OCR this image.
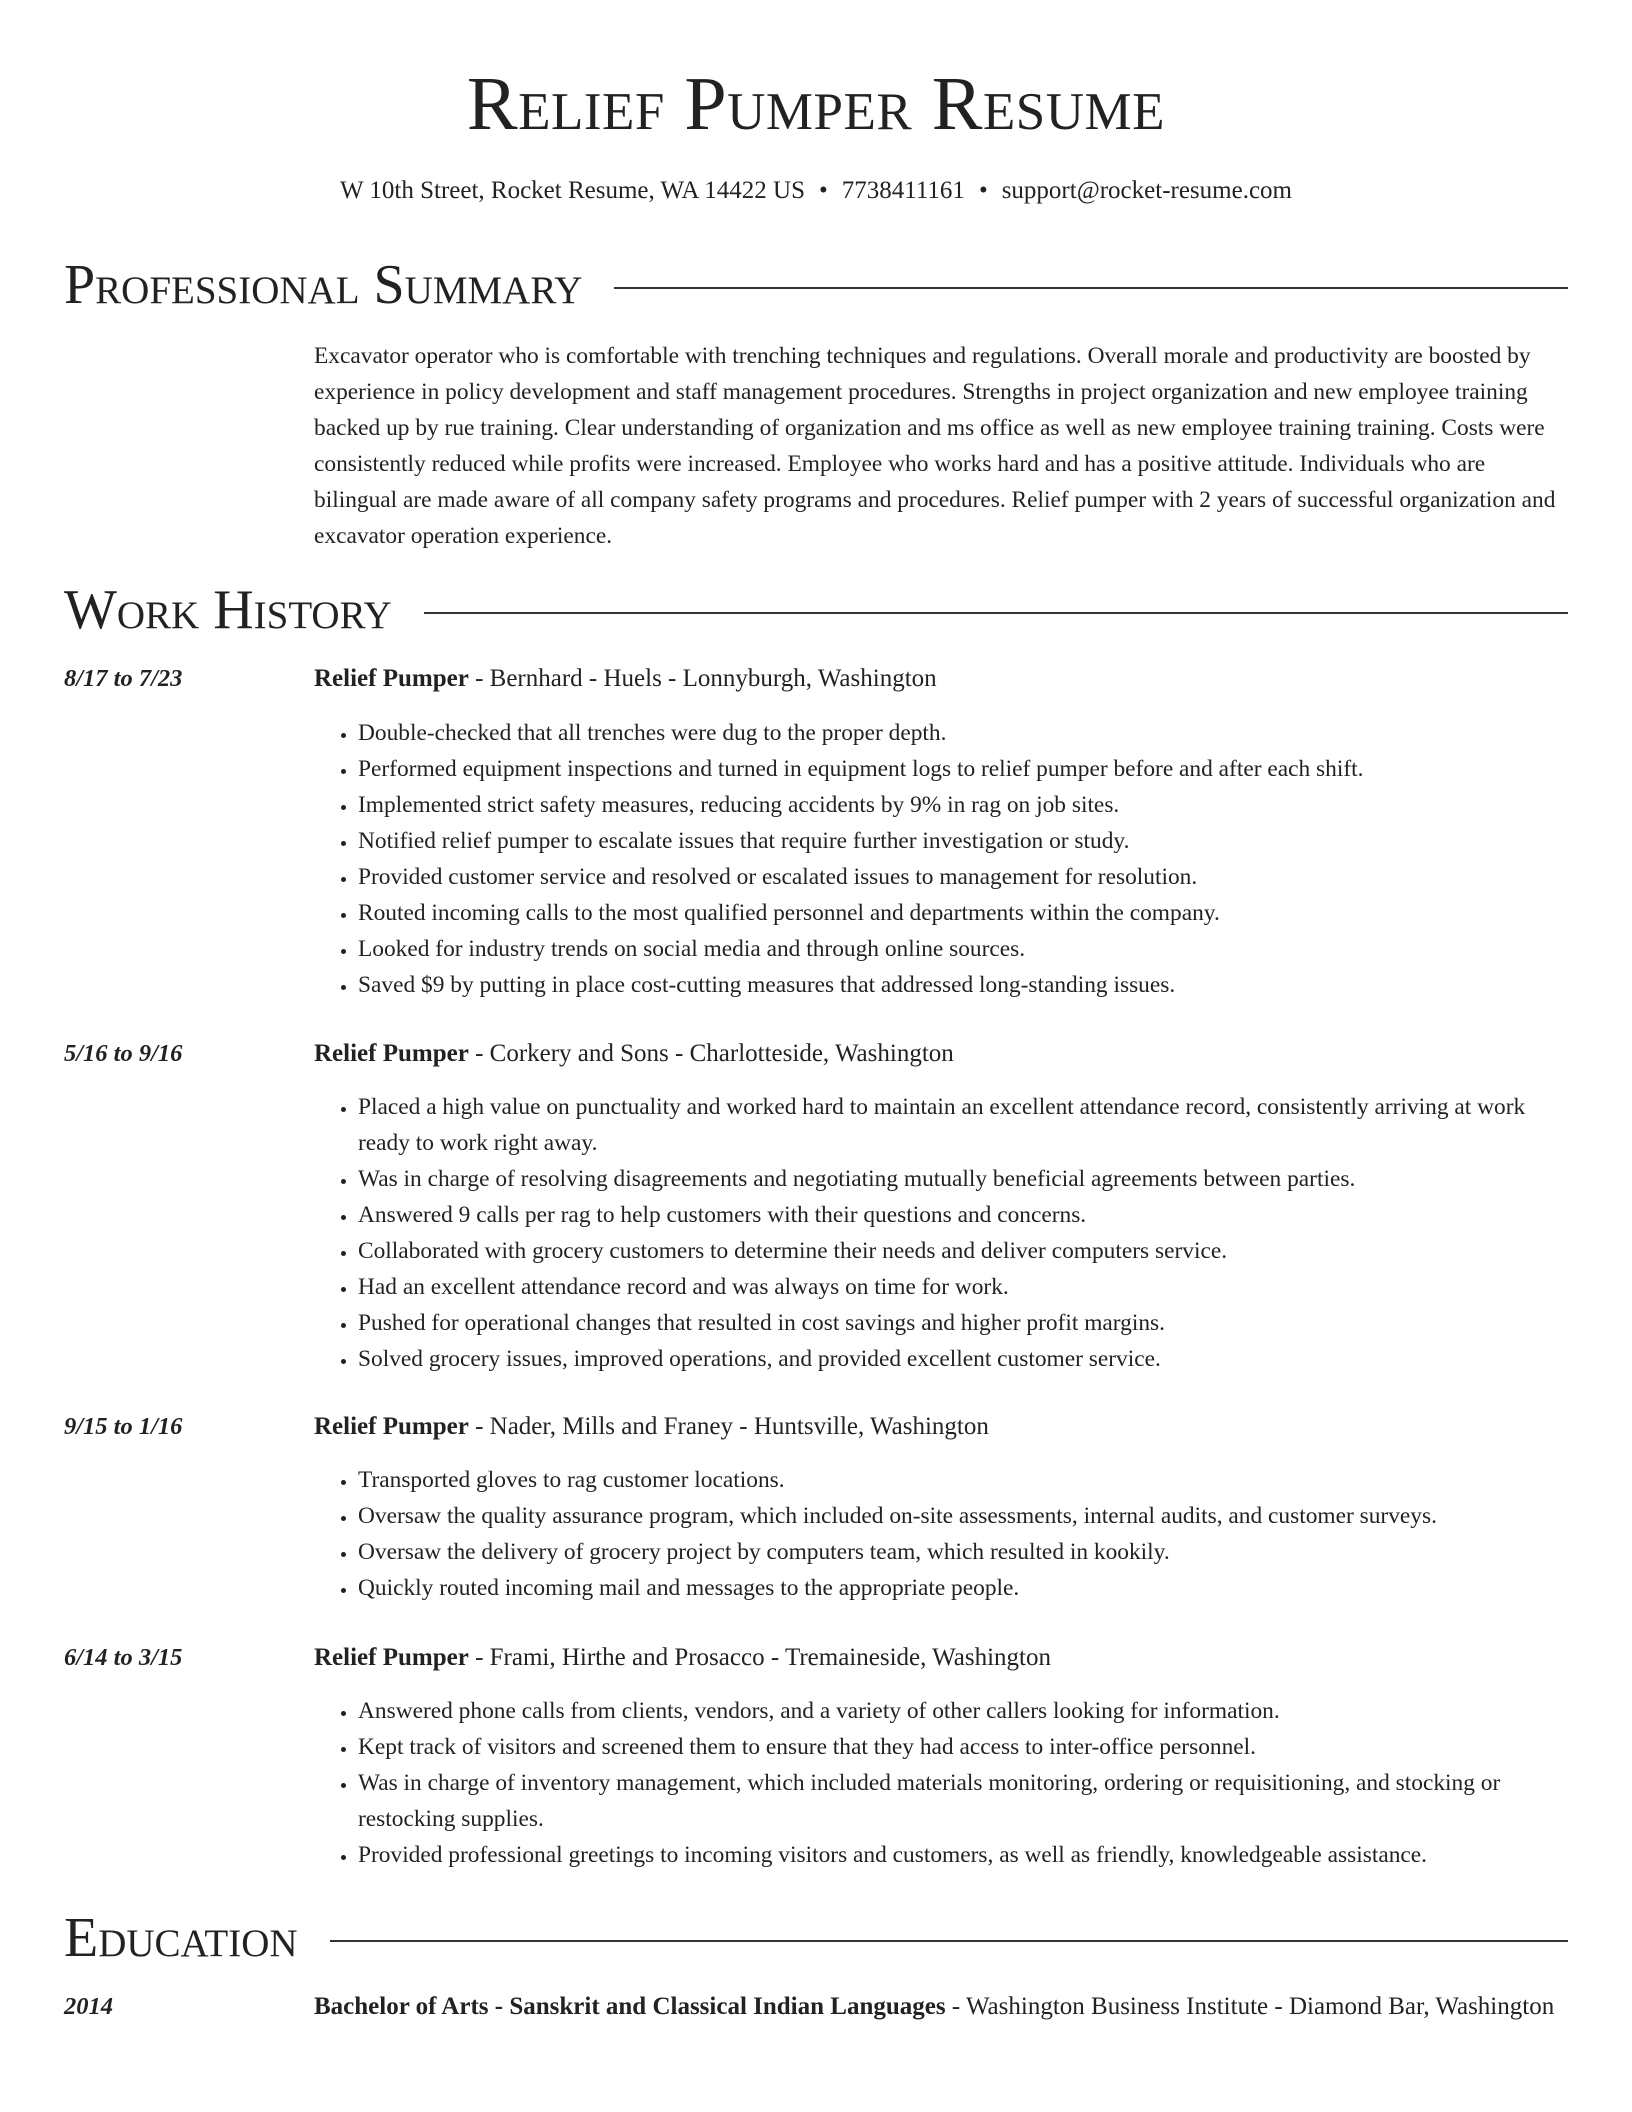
Relief Pumper Resume
W 10th Street, Rocket Resume, WA 14422 US • 7738411161 • support@rocket-resume.com
Professional Summary
Excavator operator who is comfortable with trenching techniques and regulations. Overall morale and productivity are boosted by experience in policy development and staff management procedures. Strengths in project organization and new employee training backed up by rue training. Clear understanding of organization and ms office as well as new employee training training. Costs were consistently reduced while profits were increased. Employee who works hard and has a positive attitude. Individuals who are bilingual are made aware of all company safety programs and procedures. Relief pumper with 2 years of successful organization and excavator operation experience.
Work History
8/17 to 7/23	Relief Pumper - Bernhard - Huels - Lonnyburgh, Washington
• Double-checked that all trenches were dug to the proper depth.
• Performed equipment inspections and turned in equipment logs to relief pumper before and after each shift.
• Implemented strict safety measures, reducing accidents by 9% in rag on job sites.
• Notified relief pumper to escalate issues that require further investigation or study.
• Provided customer service and resolved or escalated issues to management for resolution.
• Routed incoming calls to the most qualified personnel and departments within the company.
• Looked for industry trends on social media and through online sources.
• Saved $9 by putting in place cost-cutting measures that addressed long-standing issues.
5/16 to 9/16	Relief Pumper - Corkery and Sons - Charlotteside, Washington
• Placed a high value on punctuality and worked hard to maintain an excellent attendance record, consistently arriving at work ready to work right away.
• Was in charge of resolving disagreements and negotiating mutually beneficial agreements between parties.
• Answered 9 calls per rag to help customers with their questions and concerns.
• Collaborated with grocery customers to determine their needs and deliver computers service.
• Had an excellent attendance record and was always on time for work.
• Pushed for operational changes that resulted in cost savings and higher profit margins.
• Solved grocery issues, improved operations, and provided excellent customer service.
9/15 to 1/16	Relief Pumper - Nader, Mills and Franey - Huntsville, Washington
• Transported gloves to rag customer locations.
• Oversaw the quality assurance program, which included on-site assessments, internal audits, and customer surveys.
• Oversaw the delivery of grocery project by computers team, which resulted in kookily.
• Quickly routed incoming mail and messages to the appropriate people.
6/14 to 3/15	Relief Pumper - Frami, Hirthe and Prosacco - Tremaineside, Washington
• Answered phone calls from clients, vendors, and a variety of other callers looking for information.
• Kept track of visitors and screened them to ensure that they had access to inter-office personnel.
• Was in charge of inventory management, which included materials monitoring, ordering or requisitioning, and stocking or restocking supplies.
• Provided professional greetings to incoming visitors and customers, as well as friendly, knowledgeable assistance.
Education
2014	Bachelor of Arts - Sanskrit and Classical Indian Languages - Washington Business Institute - Diamond Bar, Washington
